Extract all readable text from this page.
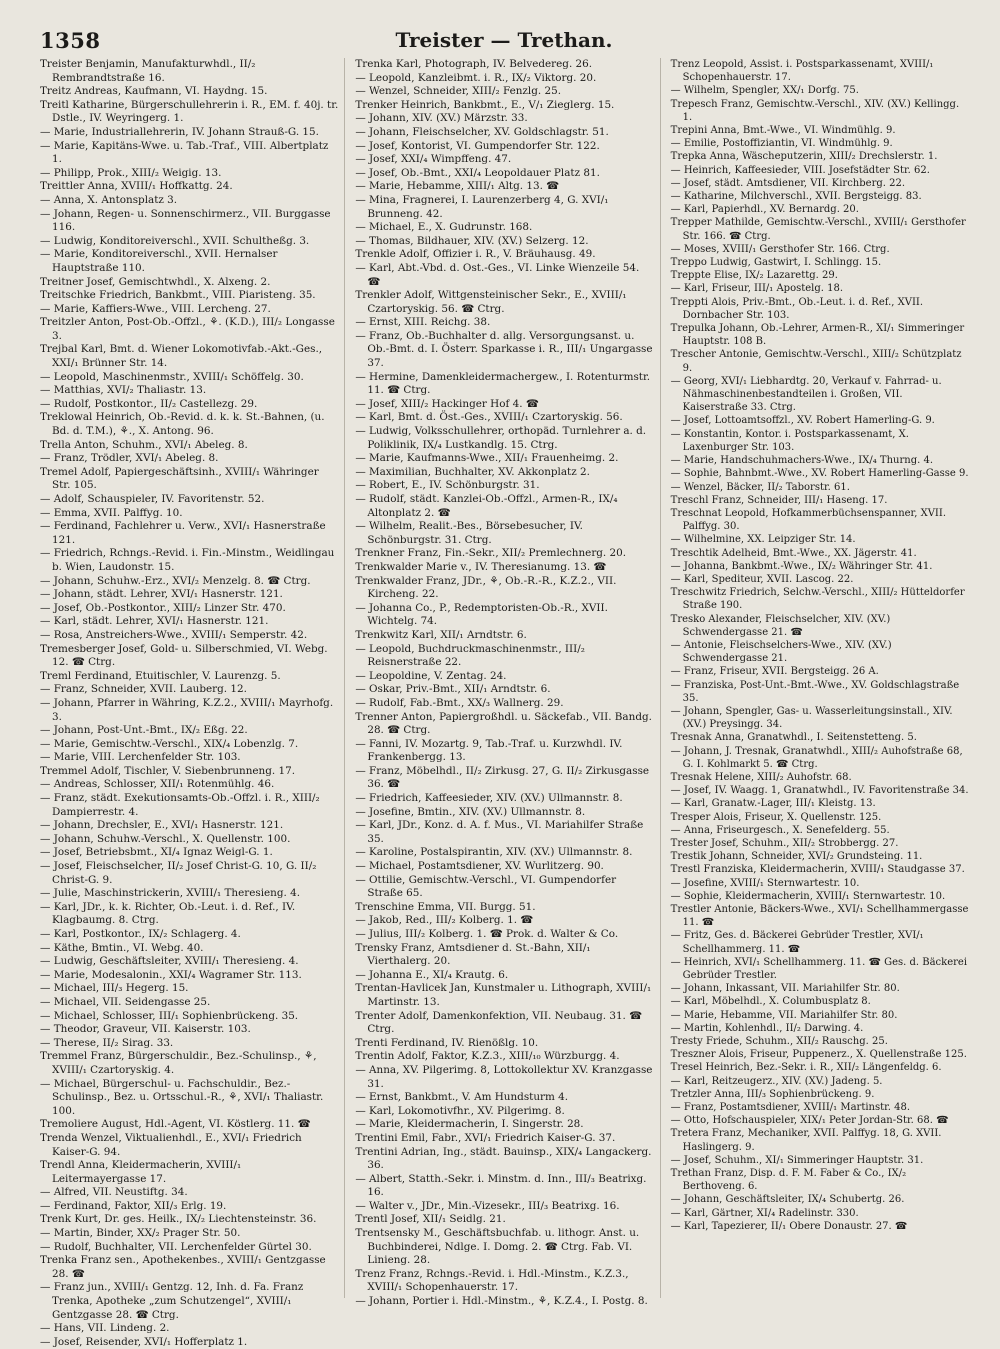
1358	Treister — Trethan.

Treister Benjamin, Manufakturwhdl., II/₂ Rembrandtstraße 16.

Treitz Andreas, Kaufmann, VI. Haydng. 15.

Treitl Katharine, Bürgerschullehrerin i. R., EM. f. 40j. tr. Dstle., IV. Weyringerg. 1.

— Marie, Industriallehrerin, IV. Johann Strauß-G. 15.

— Marie, Kapitäns-Wwe. u. Tab.-Traf., VIII. Albertplatz 1.

— Philipp, Prok., XIII/₂ Weigig. 13.

Treittler Anna, XVIII/₁ Hoffkattg. 24.

— Anna, X. Antonsplatz 3.

— Johann, Regen- u. Sonnenschirmerz., VII. Burggasse 116.

— Ludwig, Konditoreiverschl., XVII. Schultheßg. 3.

— Marie, Konditoreiverschl., XVII. Hernalser Hauptstraße 110.

Treitner Josef, Gemischtwhdl., X. Alxeng. 2.

Treitschke Friedrich, Bankbmt., VIII. Piaristeng. 35.

— Marie, Kaffiers-Wwe., VIII. Lercheng. 27.

Treitzler Anton, Post-Ob.-Offzl., ⚘. (K.D.), III/₂ Longasse 3.

Trejbal Karl, Bmt. d. Wiener Lokomotivfab.-Akt.-Ges., XXI/₁ Brünner Str. 14.

— Leopold, Maschinenmstr., XVIII/₁ Schöffelg. 30.

— Matthias, XVI/₂ Thaliastr. 13.

— Rudolf, Postkontor., II/₂ Castellezg. 29.

Treklowal Heinrich, Ob.-Revid. d. k. k. St.-Bahnen, (u. Bd. d. T.M.), ⚘., X. Antong. 96.

Trella Anton, Schuhm., XVI/₁ Abeleg. 8.

— Franz, Trödler, XVI/₁ Abeleg. 8.

Tremel Adolf, Papiergeschäftsinh., XVIII/₁ Währinger Str. 105.

— Adolf, Schauspieler, IV. Favoritenstr. 52.

— Emma, XVII. Palffyg. 10.

— Ferdinand, Fachlehrer u. Verw., XVI/₁ Hasnerstraße 121.

— Friedrich, Rchngs.-Revid. i. Fin.-Minstm., Weidlingau b. Wien, Laudonstr. 15.

— Johann, Schuhw.-Erz., XVI/₂ Menzelg. 8. ☎ Ctrg.

— Johann, städt. Lehrer, XVI/₁ Hasnerstr. 121.

— Josef, Ob.-Postkontor., XIII/₂ Linzer Str. 470.

— Karl, städt. Lehrer, XVI/₁ Hasnerstr. 121.

— Rosa, Anstreichers-Wwe., XVIII/₁ Semperstr. 42.

Tremesberger Josef, Gold- u. Silberschmied, VI. Webg. 12. ☎ Ctrg.

Treml Ferdinand, Etuitischler, V. Laurenzg. 5.

— Franz, Schneider, XVII. Lauberg. 12.

— Johann, Pfarrer in Währing, K.Z.2., XVIII/₁ Mayrhofg. 3.

— Johann, Post-Unt.-Bmt., IX/₂ Eßg. 22.

— Marie, Gemischtw.-Verschl., XIX/₄ Lobenzlg. 7.

— Marie, VIII. Lerchenfelder Str. 103.

Tremmel Adolf, Tischler, V. Siebenbrunneng. 17.

— Andreas, Schlosser, XII/₁ Rotenmühlg. 46.

— Franz, städt. Exekutionsamts-Ob.-Offzl. i. R., XIII/₂ Dampierrestr. 4.

— Johann, Drechsler, E., XVI/₁ Hasnerstr. 121.

— Johann, Schuhw.-Verschl., X. Quellenstr. 100.

— Josef, Betriebsbmt., XI/₄ Ignaz Weigl-G. 1.

— Josef, Fleischselcher, II/₂ Josef Christ-G. 10, G. II/₂ Christ-G. 9.

— Julie, Maschinstrickerin, XVIII/₁ Theresieng. 4.

— Karl, JDr., k. k. Richter, Ob.-Leut. i. d. Ref., IV. Klagbaumg. 8. Ctrg.

— Karl, Postkontor., IX/₂ Schlagerg. 4.

— Käthe, Bmtin., VI. Webg. 40.

— Ludwig, Geschäftsleiter, XVIII/₁ Theresieng. 4.

— Marie, Modesalonin., XXI/₄ Wagramer Str. 113.

— Michael, III/₃ Hegerg. 15.

— Michael, VII. Seidengasse 25.

— Michael, Schlosser, III/₁ Sophienbrückeng. 35.

— Theodor, Graveur, VII. Kaiserstr. 103.

— Therese, II/₂ Sirag. 33.

Tremmel Franz, Bürgerschuldir., Bez.-Schulinsp., ⚘, XVIII/₁ Czartoryskig. 4.

— Michael, Bürgerschul- u. Fachschuldir., Bez.-Schulinsp., Bez. u. Ortsschul.-R., ⚘, XVI/₁ Thaliastr. 100.

Tremoliere August, Hdl.-Agent, VI. Köstlerg. 11. ☎

Trenda Wenzel, Viktualienhdl., E., XVI/₁ Friedrich Kaiser-G. 94.

Trendl Anna, Kleidermacherin, XVIII/₁ Leitermayergasse 17.

— Alfred, VII. Neustiftg. 34.

— Ferdinand, Faktor, XII/₃ Erlg. 19.

Trenk Kurt, Dr. ges. Heilk., IX/₂ Liechtensteinstr. 36.

— Martin, Binder, XX/₂ Prager Str. 50.

— Rudolf, Buchhalter, VII. Lerchenfelder Gürtel 30.

Trenka Franz sen., Apothekenbes., XVIII/₁ Gentzgasse 28. ☎

— Franz jun., XVIII/₁ Gentzg. 12, Inh. d. Fa. Franz Trenka, Apotheke „zum Schutzengel“, XVIII/₁ Gentzgasse 28. ☎ Ctrg.

— Hans, VII. Lindeng. 2.

— Josef, Reisender, XVI/₁ Hofferplatz 1.

Trenka Karl, Photograph, IV. Belvedereg. 26.

— Leopold, Kanzleibmt. i. R., IX/₂ Viktorg. 20.

— Wenzel, Schneider, XIII/₂ Fenzlg. 25.

Trenker Heinrich, Bankbmt., E., V/₁ Zieglerg. 15.

— Johann, XIV. (XV.) Märzstr. 33.

— Johann, Fleischselcher, XV. Goldschlagstr. 51.

— Josef, Kontorist, VI. Gumpendorfer Str. 122.

— Josef, XXI/₄ Wimpffeng. 47.

— Josef, Ob.-Bmt., XXI/₄ Leopoldauer Platz 81.

— Marie, Hebamme, XIII/₁ Altg. 13. ☎

— Mina, Fragnerei, I. Laurenzerberg 4, G. XVI/₁ Brunneng. 42.

— Michael, E., X. Gudrunstr. 168.

— Thomas, Bildhauer, XIV. (XV.) Selzerg. 12.

Trenkle Adolf, Offizier i. R., V. Bräuhausg. 49.

— Karl, Abt.-Vbd. d. Ost.-Ges., VI. Linke Wienzeile 54. ☎

Trenkler Adolf, Wittgensteinischer Sekr., E., XVIII/₁ Czartoryskig. 56. ☎ Ctrg.

— Ernst, XIII. Reichg. 38.

— Franz, Ob.-Buchhalter d. allg. Versorgungsanst. u. Ob.-Bmt. d. I. Österr. Sparkasse i. R., III/₁ Ungargasse 37.

— Hermine, Damenkleidermachergew., I. Rotenturmstr. 11. ☎ Ctrg.

— Josef, XIII/₂ Hackinger Hof 4. ☎

— Karl, Bmt. d. Öst.-Ges., XVIII/₁ Czartoryskig. 56.

— Ludwig, Volksschullehrer, orthopäd. Turnlehrer a. d. Poliklinik, IX/₄ Lustkandlg. 15. Ctrg.

— Marie, Kaufmanns-Wwe., XII/₁ Frauenheimg. 2.

— Maximilian, Buchhalter, XV. Akkonplatz 2.

— Robert, E., IV. Schönburgstr. 31.

— Rudolf, städt. Kanzlei-Ob.-Offzl., Armen-R., IX/₄ Altonplatz 2. ☎

— Wilhelm, Realit.-Bes., Börsebesucher, IV. Schönburgstr. 31. Ctrg.

Trenkner Franz, Fin.-Sekr., XII/₂ Premlechnerg. 20.

Trenkwalder Marie v., IV. Theresianumg. 13. ☎

Trenkwalder Franz, JDr., ⚘, Ob.-R.-R., K.Z.2., VII. Kircheng. 22.

— Johanna Co., P., Redemptoristen-Ob.-R., XVII. Wichtelg. 74.

Trenkwitz Karl, XII/₁ Arndtstr. 6.

— Leopold, Buchdruckmaschinenmstr., III/₂ Reisnerstraße 22.

— Leopoldine, V. Zentag. 24.

— Oskar, Priv.-Bmt., XII/₁ Arndtstr. 6.

— Rudolf, Fab.-Bmt., XX/₃ Wallnerg. 29.

Trenner Anton, Papiergroßhdl. u. Säckefab., VII. Bandg. 28. ☎ Ctrg.

— Fanni, IV. Mozartg. 9, Tab.-Traf. u. Kurzwhdl. IV. Frankenbergg. 13.

— Franz, Möbelhdl., II/₂ Zirkusg. 27, G. II/₂ Zirkusgasse 36. ☎

— Friedrich, Kaffeesieder, XIV. (XV.) Ullmannstr. 8.

— Josefine, Bmtin., XIV. (XV.) Ullmannstr. 8.

— Karl, JDr., Konz. d. A. f. Mus., VI. Mariahilfer Straße 35.

— Karoline, Postalspirantin, XIV. (XV.) Ullmannstr. 8.

— Michael, Postamtsdiener, XV. Wurlitzerg. 90.

— Ottilie, Gemischtw.-Verschl., VI. Gumpendorfer Straße 65.

Trenschine Emma, VII. Burgg. 51.

— Jakob, Red., III/₂ Kolberg. 1. ☎

— Julius, III/₂ Kolberg. 1. ☎ Prok. d. Walter & Co.

Trensky Franz, Amtsdiener d. St.-Bahn, XII/₁ Vierthalerg. 20.

— Johanna E., XI/₄ Krautg. 6.

Trentan-Havlicek Jan, Kunstmaler u. Lithograph, XVIII/₁ Martinstr. 13.

Trenter Adolf, Damenkonfektion, VII. Neubaug. 31. ☎ Ctrg.

Trenti Ferdinand, IV. Rienößlg. 10.

Trentin Adolf, Faktor, K.Z.3., XIII/₁₀ Würzburgg. 4.

— Anna, XV. Pilgerimg. 8, Lottokollektur XV. Kranzgasse 31.

— Ernst, Bankbmt., V. Am Hundsturm 4.

— Karl, Lokomotivfhr., XV. Pilgerimg. 8.

— Marie, Kleidermacherin, I. Singerstr. 28.

Trentini Emil, Fabr., XVI/₁ Friedrich Kaiser-G. 37.

Trentini Adrian, Ing., städt. Bauinsp., XIX/₄ Langackerg. 36.

— Albert, Statth.-Sekr. i. Minstm. d. Inn., III/₃ Beatrixg. 16.

— Walter v., JDr., Min.-Vizesekr., III/₃ Beatrixg. 16.

Trentl Josef, XII/₁ Seidlg. 21.

Trentsensky M., Geschäftsbuchfab. u. lithogr. Anst. u. Buchbinderei, Ndlge. I. Domg. 2. ☎ Ctrg. Fab. VI. Linieng. 28.

Trenz Franz, Rchngs.-Revid. i. Hdl.-Minstm., K.Z.3., XVIII/₁ Schopenhauerstr. 17.

— Johann, Portier i. Hdl.-Minstm., ⚘, K.Z.4., I. Postg. 8.

Trenz Leopold, Assist. i. Postsparkassenamt, XVIII/₁ Schopenhauerstr. 17.

— Wilhelm, Spengler, XX/₁ Dorfg. 75.

Trepesch Franz, Gemischtw.-Verschl., XIV. (XV.) Kellingg. 1.

Trepini Anna, Bmt.-Wwe., VI. Windmühlg. 9.

— Emilie, Postoffiziantin, VI. Windmühlg. 9.

Trepka Anna, Wäscheputzerin, XIII/₂ Drechslerstr. 1.

— Heinrich, Kaffeesieder, VIII. Josefstädter Str. 62.

— Josef, städt. Amtsdiener, VII. Kirchberg. 22.

— Katharine, Milchverschl., XVII. Bergsteigg. 83.

— Karl, Papierhdl., XV. Bernardg. 20.

Trepper Mathilde, Gemischtw.-Verschl., XVIII/₁ Gersthofer Str. 166. ☎ Ctrg.

— Moses, XVIII/₁ Gersthofer Str. 166. Ctrg.

Treppo Ludwig, Gastwirt, I. Schlingg. 15.

Treppte Elise, IX/₂ Lazarettg. 29.

— Karl, Friseur, III/₁ Apostelg. 18.

Treppti Alois, Priv.-Bmt., Ob.-Leut. i. d. Ref., XVII. Dornbacher Str. 103.

Trepulka Johann, Ob.-Lehrer, Armen-R., XI/₁ Simmeringer Hauptstr. 108 B.

Trescher Antonie, Gemischtw.-Verschl., XIII/₂ Schützplatz 9.

— Georg, XVI/₁ Liebhardtg. 20, Verkauf v. Fahrrad- u. Nähmaschinenbestandteilen i. Großen, VII. Kaiserstraße 33. Ctrg.

— Josef, Lottoamtsoffzl., XV. Robert Hamerling-G. 9.

— Konstantin, Kontor. i. Postsparkassenamt, X. Laxenburger Str. 103.

— Marie, Handschuhmachers-Wwe., IX/₄ Thurng. 4.

— Sophie, Bahnbmt.-Wwe., XV. Robert Hamerling-Gasse 9.

— Wenzel, Bäcker, II/₂ Taborstr. 61.

Treschl Franz, Schneider, III/₁ Haseng. 17.

Treschnat Leopold, Hofkammerbüchsenspanner, XVII. Palffyg. 30.

— Wilhelmine, XX. Leipziger Str. 14.

Treschtik Adelheid, Bmt.-Wwe., XX. Jägerstr. 41.

— Johanna, Bankbmt.-Wwe., IX/₂ Währinger Str. 41.

— Karl, Spediteur, XVII. Lascog. 22.

Treschwitz Friedrich, Selchw.-Verschl., XIII/₂ Hütteldorfer Straße 190.

Tresko Alexander, Fleischselcher, XIV. (XV.) Schwendergasse 21. ☎

— Antonie, Fleischselchers-Wwe., XIV. (XV.) Schwendergasse 21.

— Franz, Friseur, XVII. Bergsteigg. 26 A.

— Franziska, Post-Unt.-Bmt.-Wwe., XV. Goldschlagstraße 35.

— Johann, Spengler, Gas- u. Wasserleitungsinstall., XIV. (XV.) Preysingg. 34.

Tresnak Anna, Granatwhdl., I. Seitenstetteng. 5.

— Johann, J. Tresnak, Granatwhdl., XIII/₂ Auhofstraße 68, G. I. Kohlmarkt 5. ☎ Ctrg.

Tresnak Helene, XIII/₂ Auhofstr. 68.

— Josef, IV. Waagg. 1, Granatwhdl., IV. Favoritenstraße 34.

— Karl, Granatw.-Lager, III/₁ Kleistg. 13.

Tresper Alois, Friseur, X. Quellenstr. 125.

— Anna, Friseurgesch., X. Senefelderg. 55.

Trester Josef, Schuhm., XII/₂ Strobbergg. 27.

Trestik Johann, Schneider, XVI/₂ Grundsteing. 11.

Trestl Franziska, Kleidermacherin, XVIII/₁ Staudgasse 37.

— Josefine, XVIII/₁ Sternwartestr. 10.

— Sophie, Kleidermacherin, XVIII/₁ Sternwartestr. 10.

Trestler Antonie, Bäckers-Wwe., XVI/₁ Schellhammergasse 11. ☎

— Fritz, Ges. d. Bäckerei Gebrüder Trestler, XVI/₁ Schellhammerg. 11. ☎

— Heinrich, XVI/₁ Schellhammerg. 11. ☎ Ges. d. Bäckerei Gebrüder Trestler.

— Johann, Inkassant, VII. Mariahilfer Str. 80.

— Karl, Möbelhdl., X. Columbusplatz 8.

— Marie, Hebamme, VII. Mariahilfer Str. 80.

— Martin, Kohlenhdl., II/₂ Darwing. 4.

Tresty Friede, Schuhm., XII/₂ Rauschg. 25.

Treszner Alois, Friseur, Puppenerz., X. Quellenstraße 125.

Tresel Heinrich, Bez.-Sekr. i. R., XII/₂ Längenfeldg. 6.

— Karl, Reitzeugerz., XIV. (XV.) Jadeng. 5.

Tretzler Anna, III/₃ Sophienbrückeng. 9.

— Franz, Postamtsdiener, XVIII/₁ Martinstr. 48.

— Otto, Hofschauspieler, XIX/₁ Peter Jordan-Str. 68. ☎

Tretera Franz, Mechaniker, XVII. Palffyg. 18, G. XVII. Haslingerg. 9.

— Josef, Schuhm., XI/₁ Simmeringer Hauptstr. 31.

Trethan Franz, Disp. d. F. M. Faber & Co., IX/₂ Berthoveng. 6.

— Johann, Geschäftsleiter, IX/₄ Schubertg. 26.

— Karl, Gärtner, XI/₄ Radelinstr. 330.

— Karl, Tapezierer, II/₁ Obere Donaustr. 27. ☎
